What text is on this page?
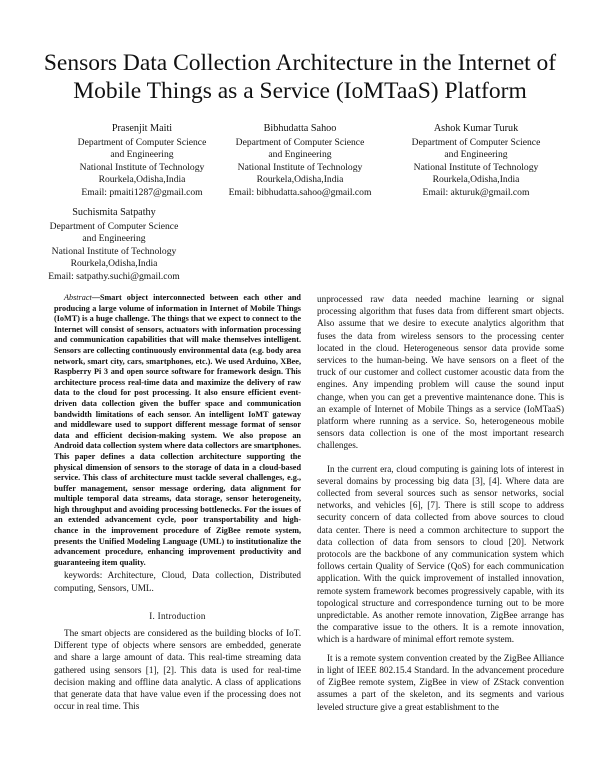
Sensors Data Collection Architecture in the Internet of Mobile Things as a Service (IoMTaaS) Platform
Prasenjit Maiti
Department of Computer Science
and Engineering
National Institute of Technology
Rourkela,Odisha,India
Email: pmaiti1287@gmail.com
Bibhudatta Sahoo
Department of Computer Science
and Engineering
National Institute of Technology
Rourkela,Odisha,India
Email: bibhudatta.sahoo@gmail.com
Ashok Kumar Turuk
Department of Computer Science
and Engineering
National Institute of Technology
Rourkela,Odisha,India
Email: akturuk@gmail.com
Suchismita Satpathy
Department of Computer Science
and Engineering
National Institute of Technology
Rourkela,Odisha,India
Email: satpathy.suchi@gmail.com

Abstract—Smart object interconnected between each other and producing a large volume of information in Internet of Mobile Things (IoMT) is a huge challenge. The things that we expect to connect to the Internet will consist of sensors, actuators with information processing and communication capabilities that will make themselves intelligent. Sensors are collecting continuously environmental data (e.g. body area network, smart city, cars, smartphones, etc.). We used Arduino, XBee, Raspberry Pi 3 and open source software for framework design. This architecture process real-time data and maximize the delivery of raw data to the cloud for post processing. It also ensure efficient event-driven data collection given the buffer space and communication bandwidth limitations of each sensor. An intelligent IoMT gateway and middleware used to support different message format of sensor data and efficient decision-making system. We also propose an Android data collection system where data collectors are smartphones. This paper defines a data collection architecture supporting the physical dimension of sensors to the storage of data in a cloud-based service. This class of architecture must tackle several challenges, e.g., buffer management, sensor message ordering, data alignment for multiple temporal data streams, data storage, sensor heterogeneity, high throughput and avoiding processing bottlenecks. For the issues of an extended advancement cycle, poor transportability and high-chance in the improvement procedure of ZigBee remote system, presents the Unified Modeling Language (UML) to institutionalize the advancement procedure, enhancing improvement productivity and guaranteeing item quality.

keywords: Architecture, Cloud, Data collection, Distributed computing, Sensors, UML.

I. Introduction

The smart objects are considered as the building blocks of IoT. Different type of objects where sensors are embedded, generate and share a large amount of data. This real-time streaming data gathered using sensors [1], [2]. This data is used for real-time decision making and offline data analytic. A class of applications that generate data that have value even if the processing does not occur in real time. This

unprocessed raw data needed machine learning or signal processing algorithm that fuses data from different smart objects. Also assume that we desire to execute analytics algorithm that fuses the data from wireless sensors to the processing center located in the cloud. Heterogeneous sensor data provide some services to the human-being. We have sensors on a fleet of the truck of our customer and collect customer acoustic data from the engines. Any impending problem will cause the sound input change, when you can get a preventive maintenance done. This is an example of Internet of Mobile Things as a service (IoMTaaS) platform where running as a service. So, heterogeneous mobile sensors data collection is one of the most important research challenges.

In the current era, cloud computing is gaining lots of interest in several domains by processing big data [3], [4]. Where data are collected from several sources such as sensor networks, social networks, and vehicles [6], [7]. There is still scope to address security concern of data collected from above sources to cloud data center. There is need a common architecture to support the data collection of data from sensors to cloud [20]. Network protocols are the backbone of any communication system which follows certain Quality of Service (QoS) for each communication application. With the quick improvement of installed innovation, remote system framework becomes progressively capable, with its topological structure and correspondence turning out to be more unpredictable. As another remote innovation, ZigBee arrange has the comparative issue to the others. It is a remote innovation, which is a hardware of minimal effort remote system.

It is a remote system convention created by the ZigBee Alliance in light of IEEE 802.15.4 Standard. In the advancement procedure of ZigBee remote system, ZigBee in view of ZStack convention assumes a part of the skeleton, and its segments and various leveled structure give a great establishment to the
